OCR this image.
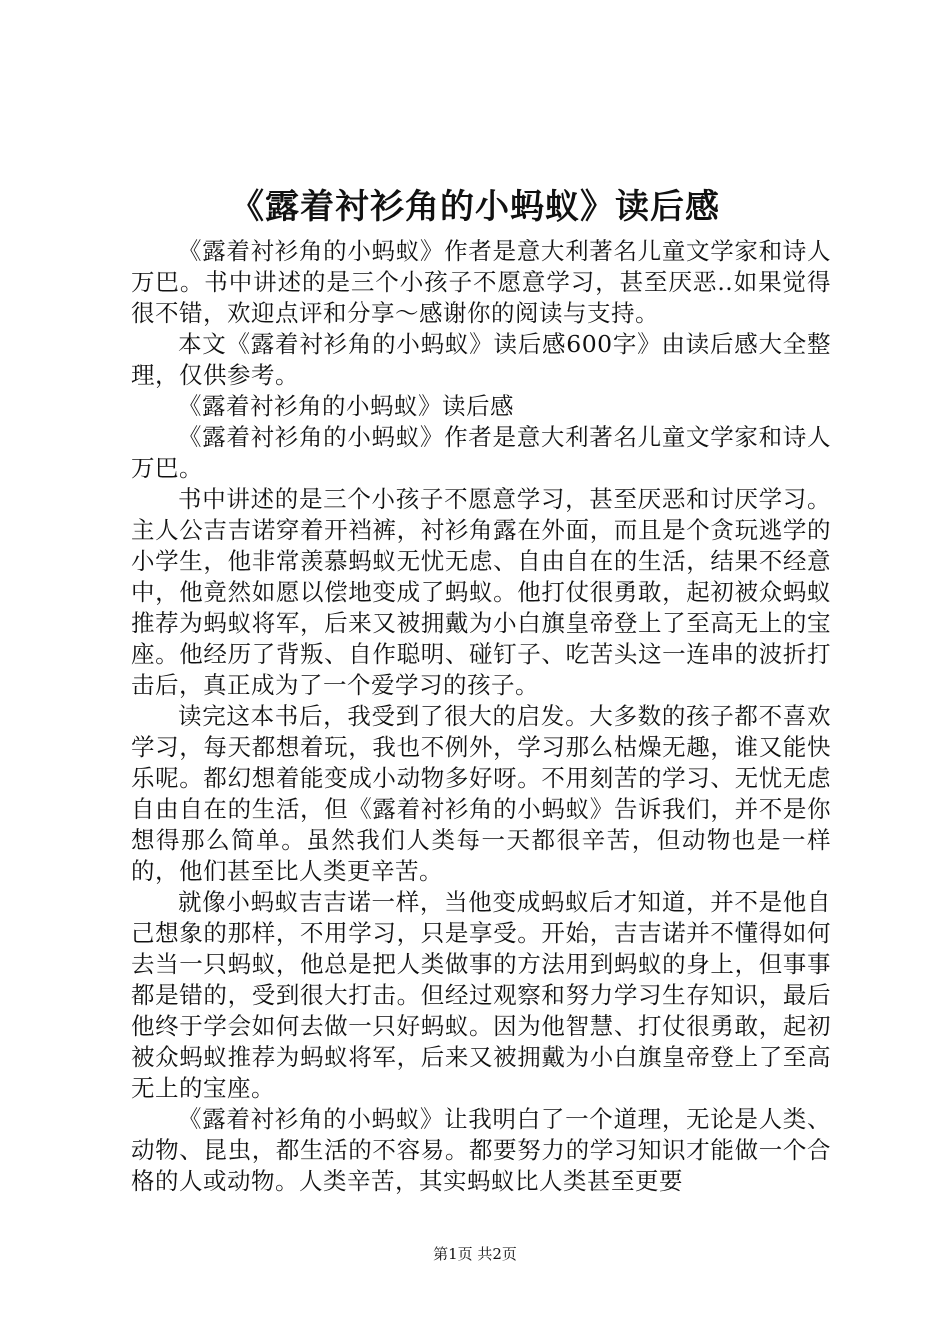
《露着衬衫角的小蚂蚁》读后感

《露着衬衫角的小蚂蚁》作者是意大利著名儿童文学家和诗人万巴。书中讲述的是三个小孩子不愿意学习，甚至厌恶..如果觉得很不错，欢迎点评和分享～感谢你的阅读与支持。

本文《露着衬衫角的小蚂蚁》读后感600字》由读后感大全整理，仅供参考。

《露着衬衫角的小蚂蚁》读后感

《露着衬衫角的小蚂蚁》作者是意大利著名儿童文学家和诗人万巴。

书中讲述的是三个小孩子不愿意学习，甚至厌恶和讨厌学习。主人公吉吉诺穿着开裆裤，衬衫角露在外面，而且是个贪玩逃学的小学生，他非常羡慕蚂蚁无忧无虑、自由自在的生活，结果不经意中，他竟然如愿以偿地变成了蚂蚁。他打仗很勇敢，起初被众蚂蚁推荐为蚂蚁将军，后来又被拥戴为小白旗皇帝登上了至高无上的宝座。他经历了背叛、自作聪明、碰钉子、吃苦头这一连串的波折打击后，真正成为了一个爱学习的孩子。

读完这本书后，我受到了很大的启发。大多数的孩子都不喜欢学习，每天都想着玩，我也不例外，学习那么枯燥无趣，谁又能快乐呢。都幻想着能变成小动物多好呀。不用刻苦的学习、无忧无虑自由自在的生活，但《露着衬衫角的小蚂蚁》告诉我们，并不是你想得那么简单。虽然我们人类每一天都很辛苦，但动物也是一样的，他们甚至比人类更辛苦。

就像小蚂蚁吉吉诺一样，当他变成蚂蚁后才知道，并不是他自己想象的那样，不用学习，只是享受。开始，吉吉诺并不懂得如何去当一只蚂蚁，他总是把人类做事的方法用到蚂蚁的身上，但事事都是错的，受到很大打击。但经过观察和努力学习生存知识，最后他终于学会如何去做一只好蚂蚁。因为他智慧、打仗很勇敢，起初被众蚂蚁推荐为蚂蚁将军，后来又被拥戴为小白旗皇帝登上了至高无上的宝座。

《露着衬衫角的小蚂蚁》让我明白了一个道理，无论是人类、动物、昆虫，都生活的不容易。都要努力的学习知识才能做一个合格的人或动物。人类辛苦，其实蚂蚁比人类甚至更要

第1页 共2页
